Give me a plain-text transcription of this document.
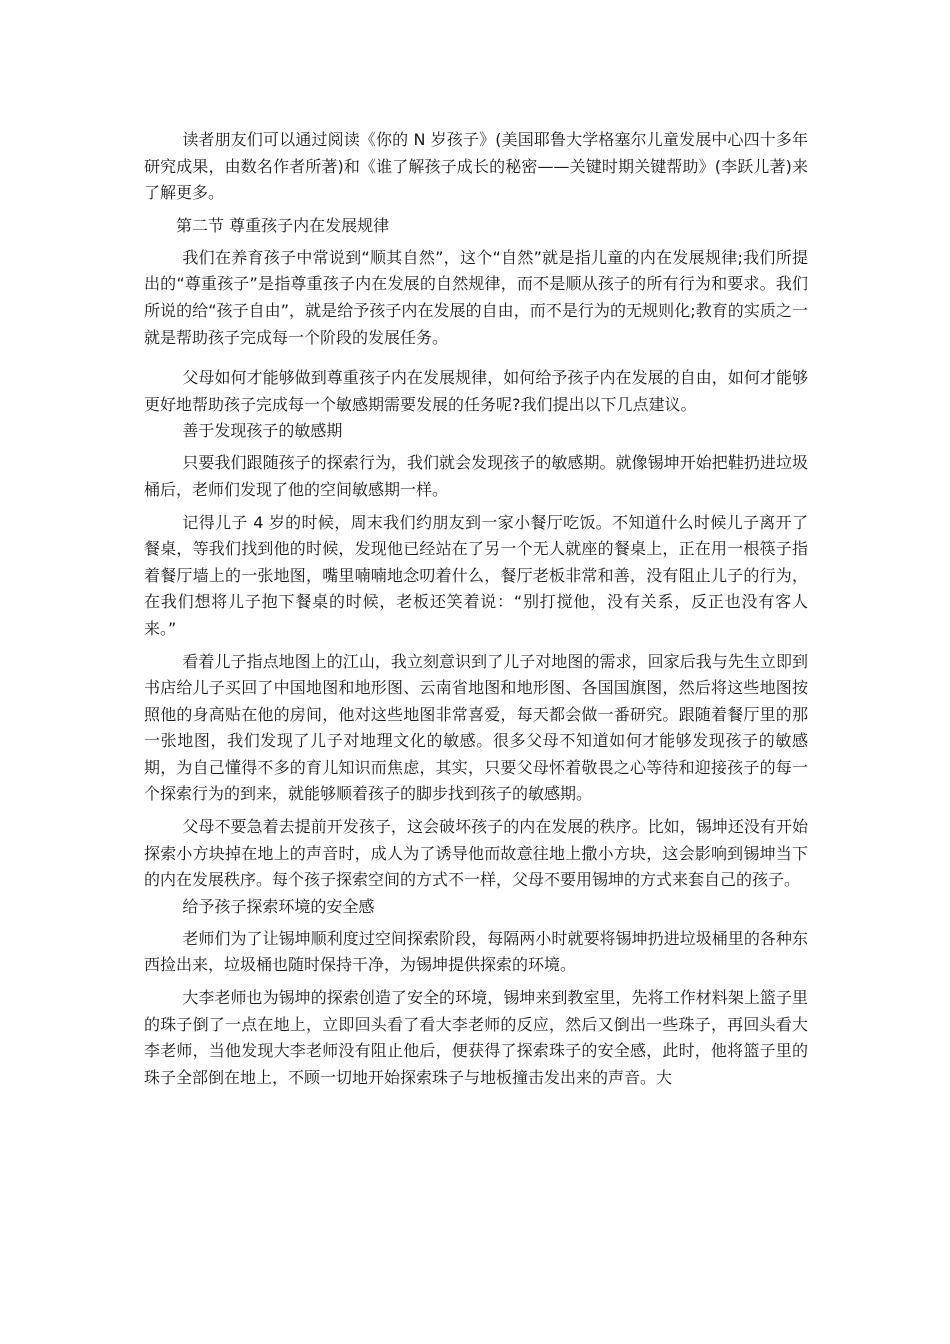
读者朋友们可以通过阅读《你的 N 岁孩子》(美国耶鲁大学格塞尔儿童发展中心四十多年研究成果，由数名作者所著)和《谁了解孩子成长的秘密——关键时期关键帮助》(李跃儿著)来了解更多。

第二节 尊重孩子内在发展规律

我们在养育孩子中常说到“顺其自然”，这个“自然”就是指儿童的内在发展规律;我们所提出的“尊重孩子”是指尊重孩子内在发展的自然规律，而不是顺从孩子的所有行为和要求。我们所说的给“孩子自由”，就是给予孩子内在发展的自由，而不是行为的无规则化;教育的实质之一就是帮助孩子完成每一个阶段的发展任务。

父母如何才能够做到尊重孩子内在发展规律，如何给予孩子内在发展的自由，如何才能够更好地帮助孩子完成每一个敏感期需要发展的任务呢?我们提出以下几点建议。

善于发现孩子的敏感期

只要我们跟随孩子的探索行为，我们就会发现孩子的敏感期。就像锡坤开始把鞋扔进垃圾桶后，老师们发现了他的空间敏感期一样。

记得儿子 4 岁的时候，周末我们约朋友到一家小餐厅吃饭。不知道什么时候儿子离开了餐桌，等我们找到他的时候，发现他已经站在了另一个无人就座的餐桌上，正在用一根筷子指着餐厅墙上的一张地图，嘴里喃喃地念叨着什么，餐厅老板非常和善，没有阻止儿子的行为，在我们想将儿子抱下餐桌的时候，老板还笑着说：“别打搅他，没有关系，反正也没有客人来。”

看着儿子指点地图上的江山，我立刻意识到了儿子对地图的需求，回家后我与先生立即到书店给儿子买回了中国地图和地形图、云南省地图和地形图、各国国旗图，然后将这些地图按照他的身高贴在他的房间，他对这些地图非常喜爱，每天都会做一番研究。跟随着餐厅里的那一张地图，我们发现了儿子对地理文化的敏感。很多父母不知道如何才能够发现孩子的敏感期，为自己懂得不多的育儿知识而焦虑，其实，只要父母怀着敬畏之心等待和迎接孩子的每一个探索行为的到来，就能够顺着孩子的脚步找到孩子的敏感期。

父母不要急着去提前开发孩子，这会破坏孩子的内在发展的秩序。比如，锡坤还没有开始探索小方块掉在地上的声音时，成人为了诱导他而故意往地上撒小方块，这会影响到锡坤当下的内在发展秩序。每个孩子探索空间的方式不一样，父母不要用锡坤的方式来套自己的孩子。

给予孩子探索环境的安全感

老师们为了让锡坤顺利度过空间探索阶段，每隔两小时就要将锡坤扔进垃圾桶里的各种东西捡出来，垃圾桶也随时保持干净，为锡坤提供探索的环境。

大李老师也为锡坤的探索创造了安全的环境，锡坤来到教室里，先将工作材料架上篮子里的珠子倒了一点在地上，立即回头看了看大李老师的反应，然后又倒出一些珠子，再回头看大李老师，当他发现大李老师没有阻止他后，便获得了探索珠子的安全感，此时，他将篮子里的珠子全部倒在地上，不顾一切地开始探索珠子与地板撞击发出来的声音。大
